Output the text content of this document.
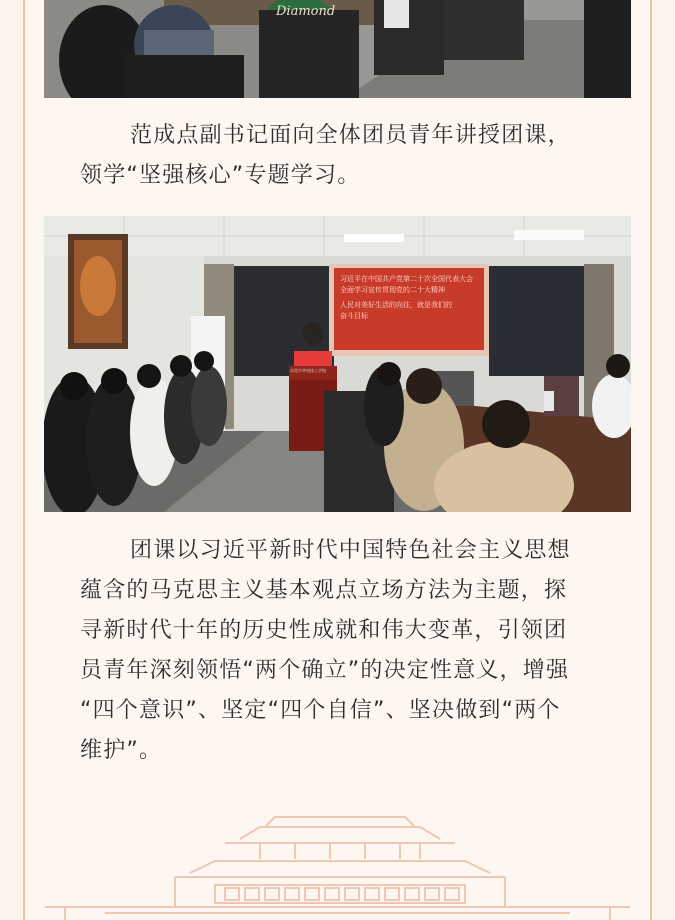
Diamond

范成点副书记面向全体团员青年讲授团课，
领学“坚强核心”专题学习。

习近平在中国共产党第二十次全国代表大会
全面学习宣传贯彻党的二十大精神
人民对美好生活的向往，就是我们的
奋斗目标
东莞市华南技工学校

团课以习近平新时代中国特色社会主义思想
蕴含的马克思主义基本观点立场方法为主题，探
寻新时代十年的历史性成就和伟大变革，引领团
员青年深刻领悟“两个确立”的决定性意义，增强
“四个意识”、坚定“四个自信”、坚决做到“两个
维护”。
